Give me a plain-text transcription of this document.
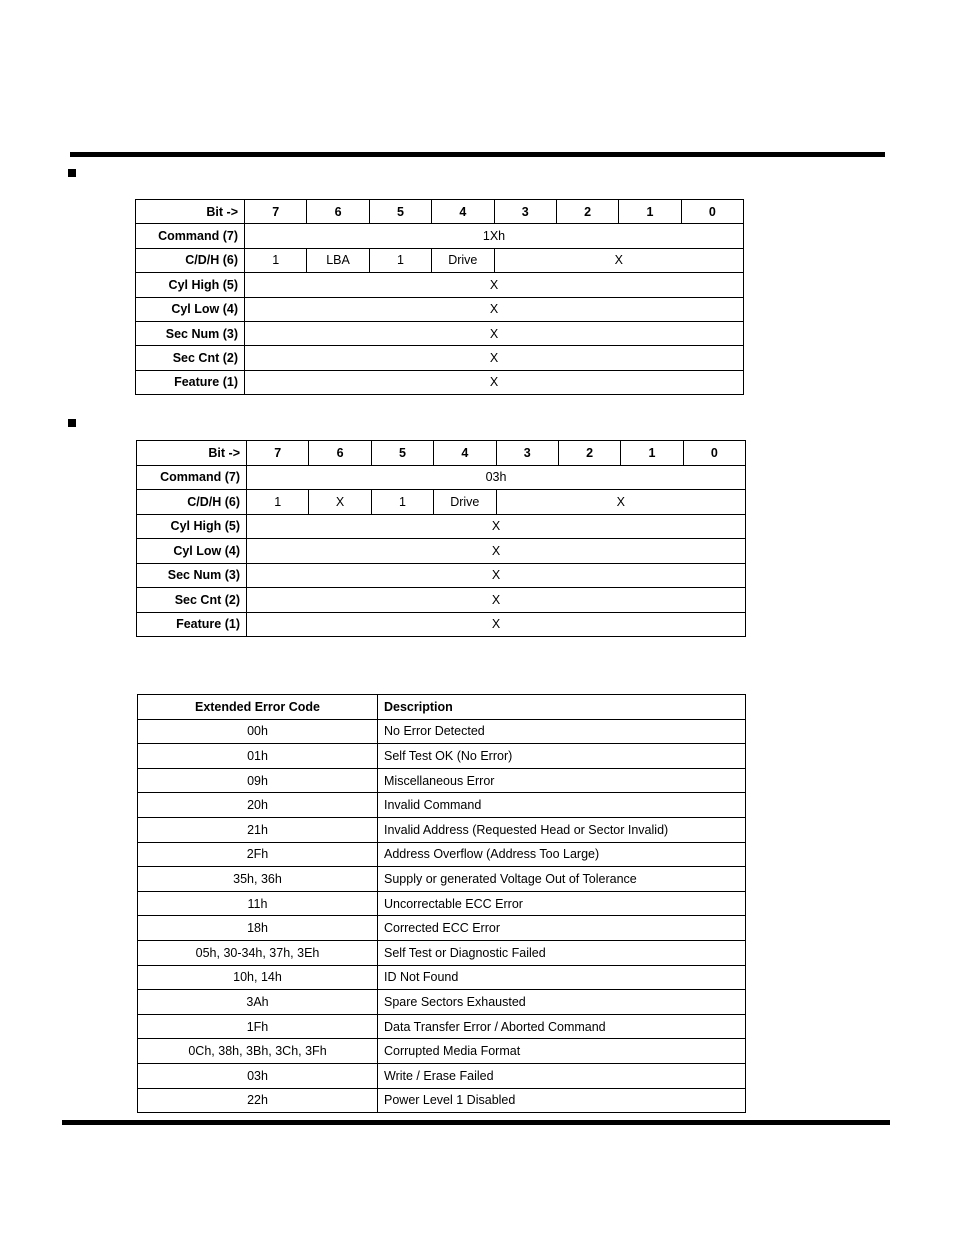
Bit ->	7	6	5	4	3	2	1	0
Command (7)	1Xh							
C/D/H (6)	1	LBA	1	Drive	X			
Cyl High (5)	X							
Cyl Low (4)	X							
Sec Num (3)	X							
Sec Cnt (2)	X							
Feature (1)	X							
Bit ->	7	6	5	4	3	2	1	0
Command (7)	03h							
C/D/H (6)	1	X	1	Drive	X			
Cyl High (5)	X							
Cyl Low (4)	X							
Sec Num (3)	X							
Sec Cnt (2)	X							
Feature (1)	X							
Extended Error Code	Description
00h	No Error Detected
01h	Self Test OK (No Error)
09h	Miscellaneous Error
20h	Invalid Command
21h	Invalid Address (Requested Head or Sector Invalid)
2Fh	Address Overflow (Address Too Large)
35h, 36h	Supply or generated Voltage Out of Tolerance
11h	Uncorrectable ECC Error
18h	Corrected ECC Error
05h, 30-34h, 37h, 3Eh	Self Test or Diagnostic Failed
10h, 14h	ID Not Found
3Ah	Spare Sectors Exhausted
1Fh	Data Transfer Error / Aborted Command
0Ch, 38h, 3Bh, 3Ch, 3Fh	Corrupted Media Format
03h	Write / Erase Failed
22h	Power Level 1 Disabled
